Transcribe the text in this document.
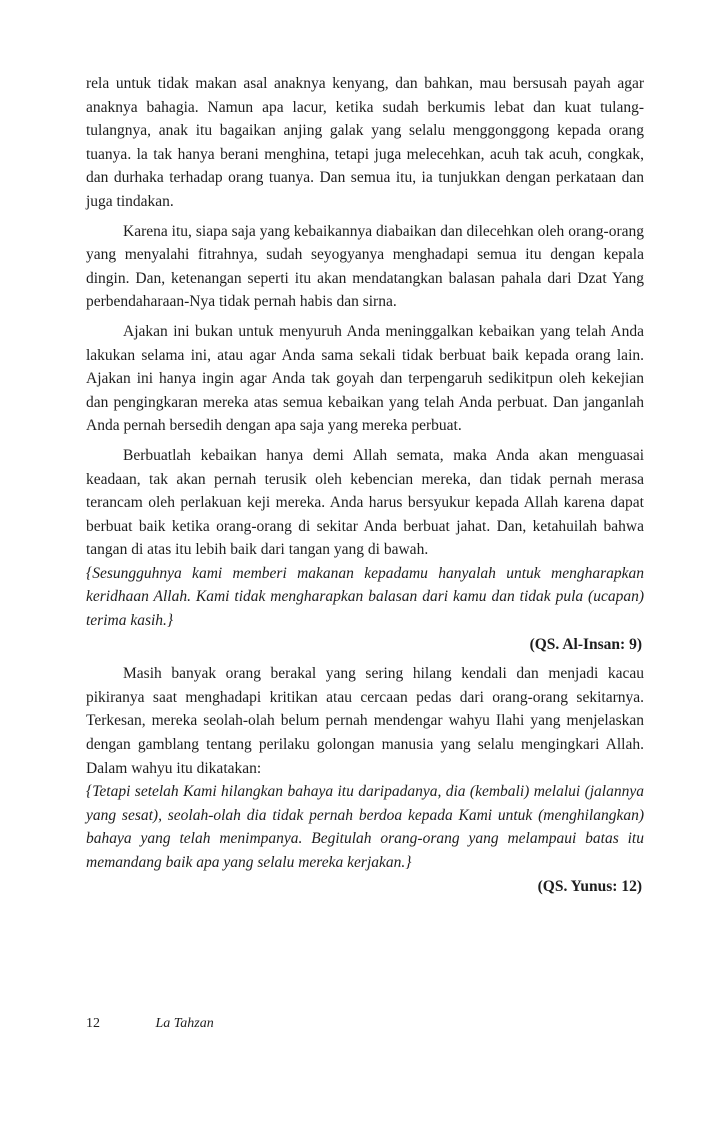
rela untuk tidak makan asal anaknya kenyang, dan bahkan, mau bersusah payah agar anaknya bahagia. Namun apa lacur, ketika sudah berkumis lebat dan kuat tulang-tulangnya, anak itu bagaikan anjing galak yang selalu menggonggong kepada orang tuanya. la tak hanya berani menghina, tetapi juga melecehkan, acuh tak acuh, congkak, dan durhaka terhadap orang tuanya. Dan semua itu, ia tunjukkan dengan perkataan dan juga tindakan.

Karena itu, siapa saja yang kebaikannya diabaikan dan dilecehkan oleh orang-orang yang menyalahi fitrahnya, sudah seyogyanya menghadapi semua itu dengan kepala dingin. Dan, ketenangan seperti itu akan mendatangkan balasan pahala dari Dzat Yang perbendaharaan-Nya tidak pernah habis dan sirna.

Ajakan ini bukan untuk menyuruh Anda meninggalkan kebaikan yang telah Anda lakukan selama ini, atau agar Anda sama sekali tidak berbuat baik kepada orang lain. Ajakan ini hanya ingin agar Anda tak goyah dan terpengaruh sedikitpun oleh kekejian dan pengingkaran mereka atas semua kebaikan yang telah Anda perbuat. Dan janganlah Anda pernah bersedih dengan apa saja yang mereka perbuat.

Berbuatlah kebaikan hanya demi Allah semata, maka Anda akan menguasai keadaan, tak akan pernah terusik oleh kebencian mereka, dan tidak pernah merasa terancam oleh perlakuan keji mereka. Anda harus bersyukur kepada Allah karena dapat berbuat baik ketika orang-orang di sekitar Anda berbuat jahat. Dan, ketahuilah bahwa tangan di atas itu lebih baik dari tangan yang di bawah.

{Sesungguhnya kami memberi makanan kepadamu hanyalah untuk mengharapkan keridhaan Allah. Kami tidak mengharapkan balasan dari kamu dan tidak pula (ucapan) terima kasih.}

(QS. Al-Insan: 9)

Masih banyak orang berakal yang sering hilang kendali dan menjadi kacau pikiranya saat menghadapi kritikan atau cercaan pedas dari orang-orang sekitarnya. Terkesan, mereka seolah-olah belum pernah mendengar wahyu Ilahi yang menjelaskan dengan gamblang tentang perilaku golongan manusia yang selalu mengingkari Allah. Dalam wahyu itu dikatakan:

{Tetapi setelah Kami hilangkan bahaya itu daripadanya, dia (kembali) melalui (jalannya yang sesat), seolah-olah dia tidak pernah berdoa kepada Kami untuk (menghilangkan) bahaya yang telah menimpanya. Begitulah orang-orang yang melampaui batas itu memandang baik apa yang selalu mereka kerjakan.}

(QS. Yunus: 12)

12	La Tahzan
